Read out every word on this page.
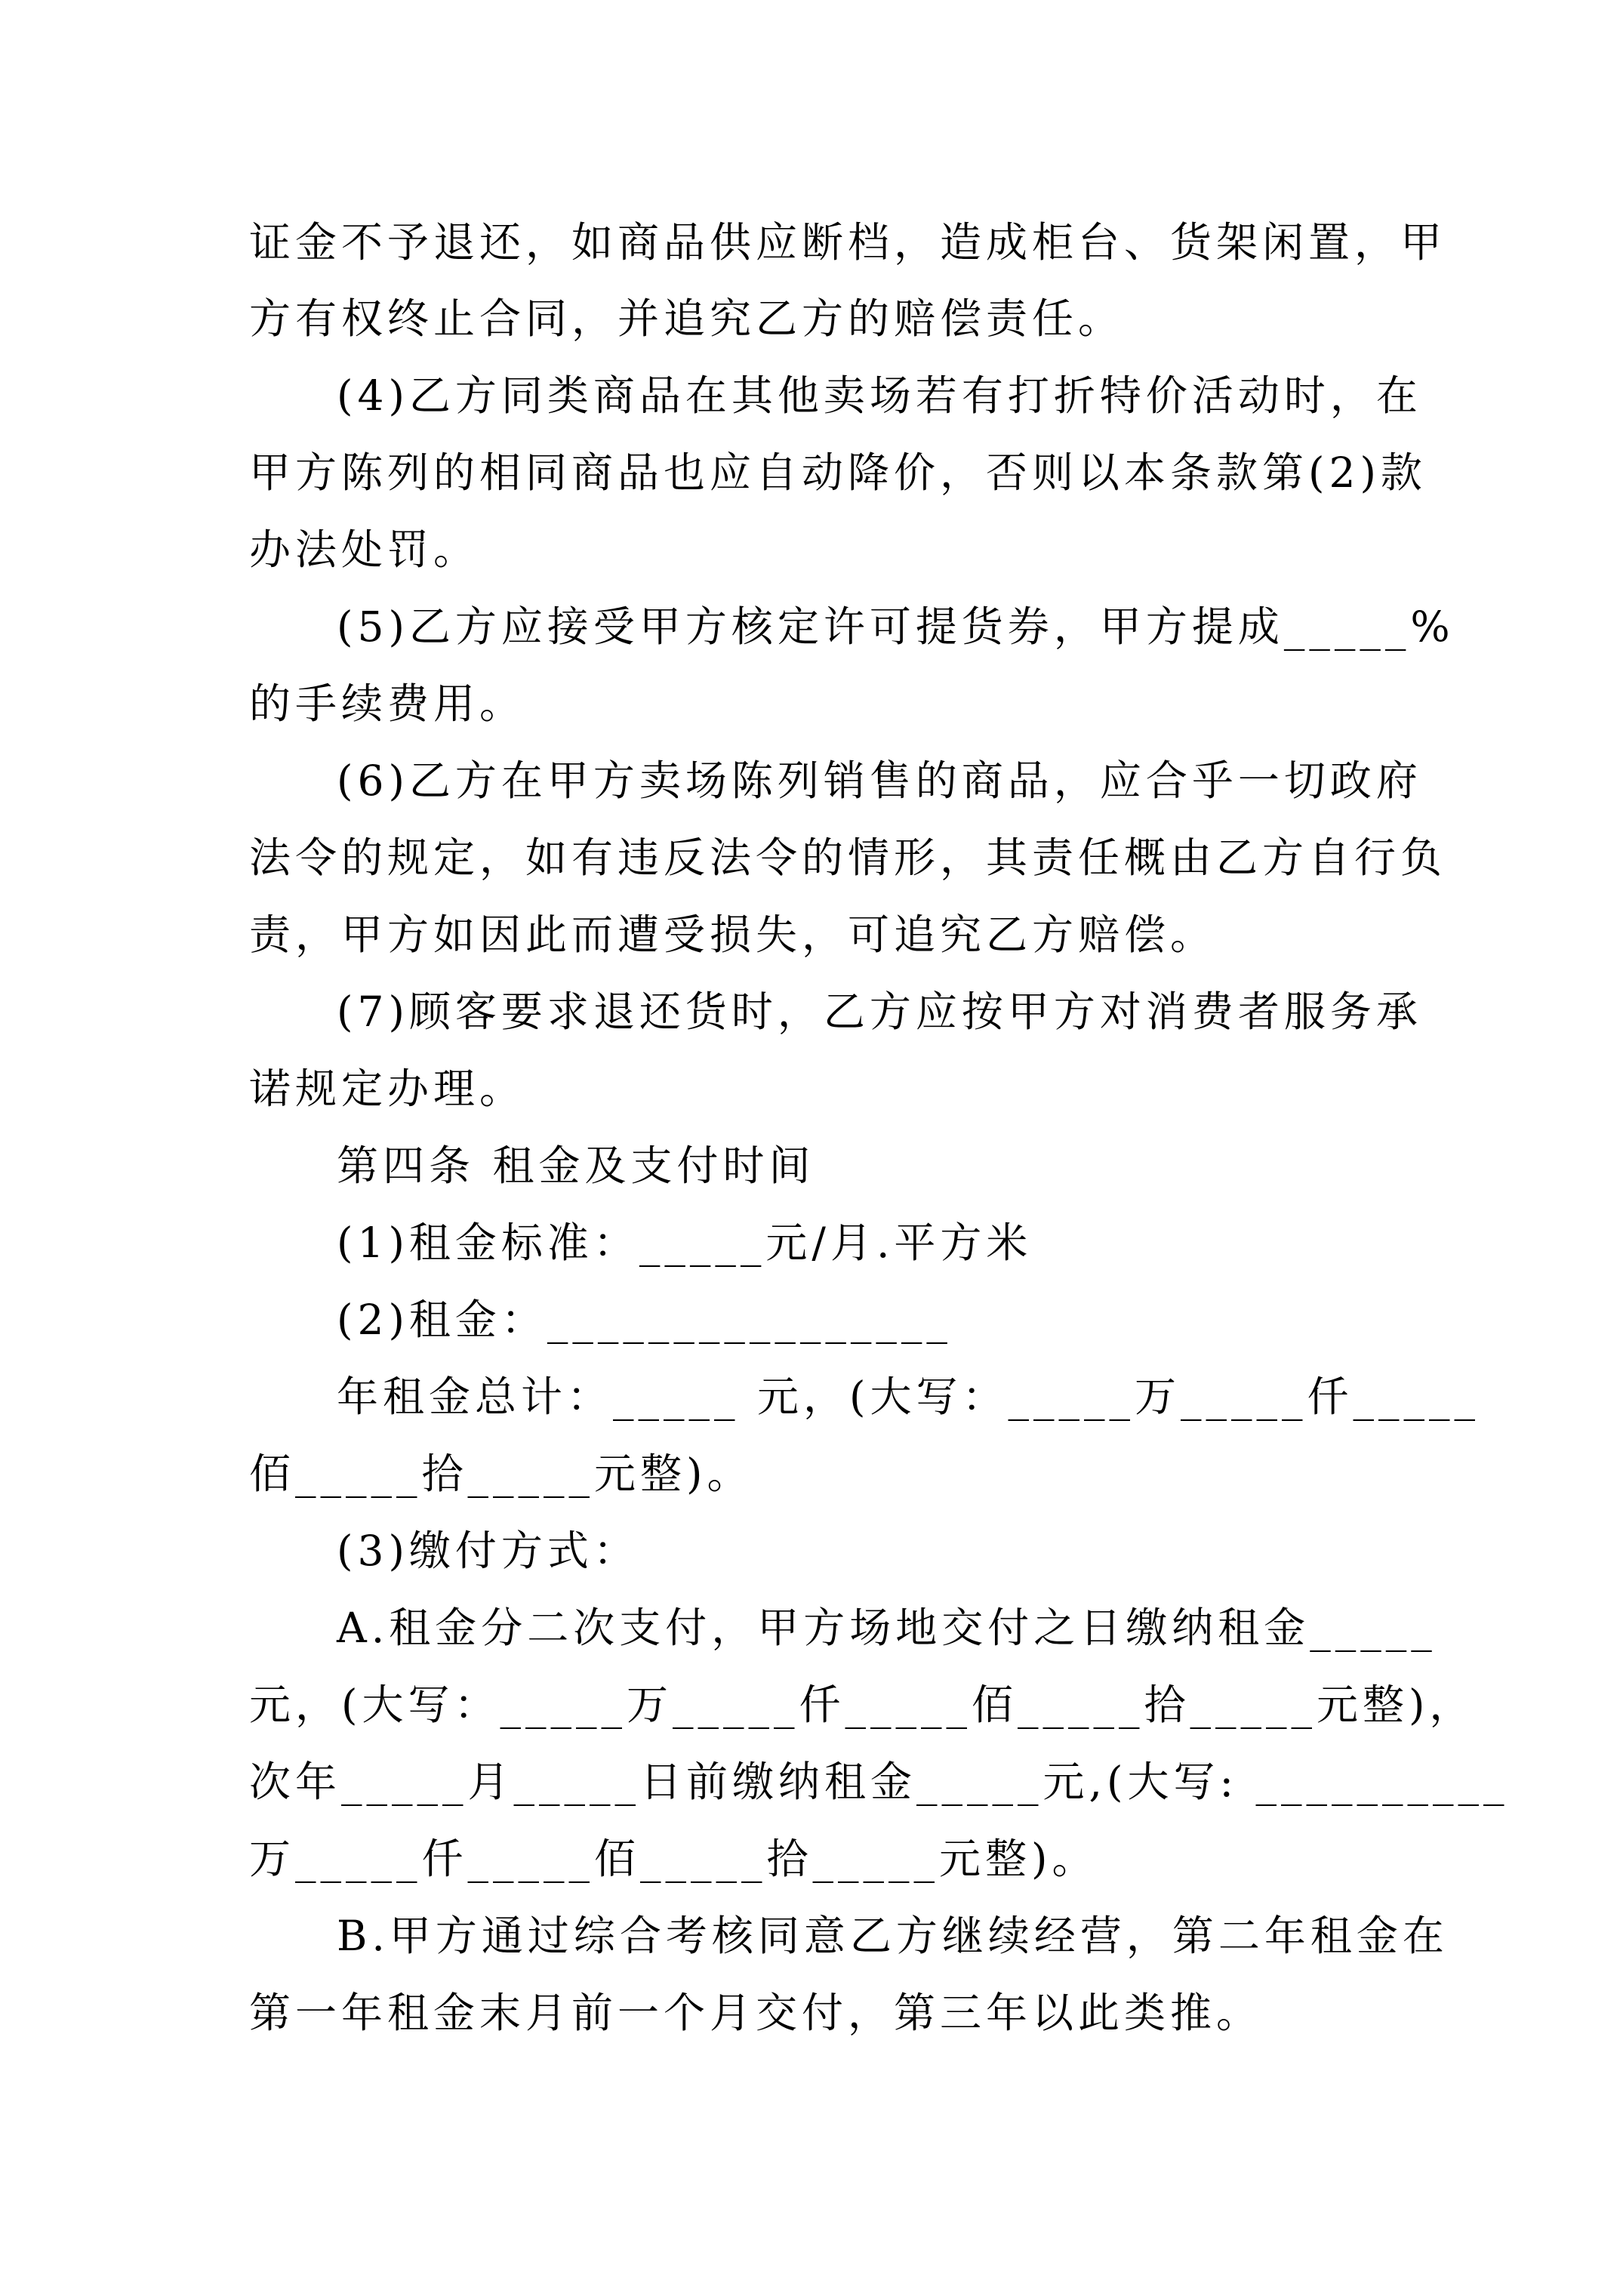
证金不予退还，如商品供应断档，造成柜台、货架闲置，甲
方有权终止合同，并追究乙方的赔偿责任。
(4)乙方同类商品在其他卖场若有打折特价活动时，在
甲方陈列的相同商品也应自动降价，否则以本条款第(2)款
办法处罚。
(5)乙方应接受甲方核定许可提货券，甲方提成_____%
的手续费用。
(6)乙方在甲方卖场陈列销售的商品，应合乎一切政府
法令的规定，如有违反法令的情形，其责任概由乙方自行负
责，甲方如因此而遭受损失，可追究乙方赔偿。
(7)顾客要求退还货时，乙方应按甲方对消费者服务承
诺规定办理。
第四条 租金及支付时间
(1)租金标准：_____元/月.平方米
(2)租金：________________
年租金总计：_____ 元，(大写：_____万_____仟_____
佰_____拾_____元整)。
(3)缴付方式：
A.租金分二次支付，甲方场地交付之日缴纳租金_____
元，(大写：_____万_____仟_____佰_____拾_____元整)，
次年_____月_____日前缴纳租金_____元,(大写: __________
万_____仟_____佰_____拾_____元整)。
B.甲方通过综合考核同意乙方继续经营，第二年租金在
第一年租金末月前一个月交付，第三年以此类推。
